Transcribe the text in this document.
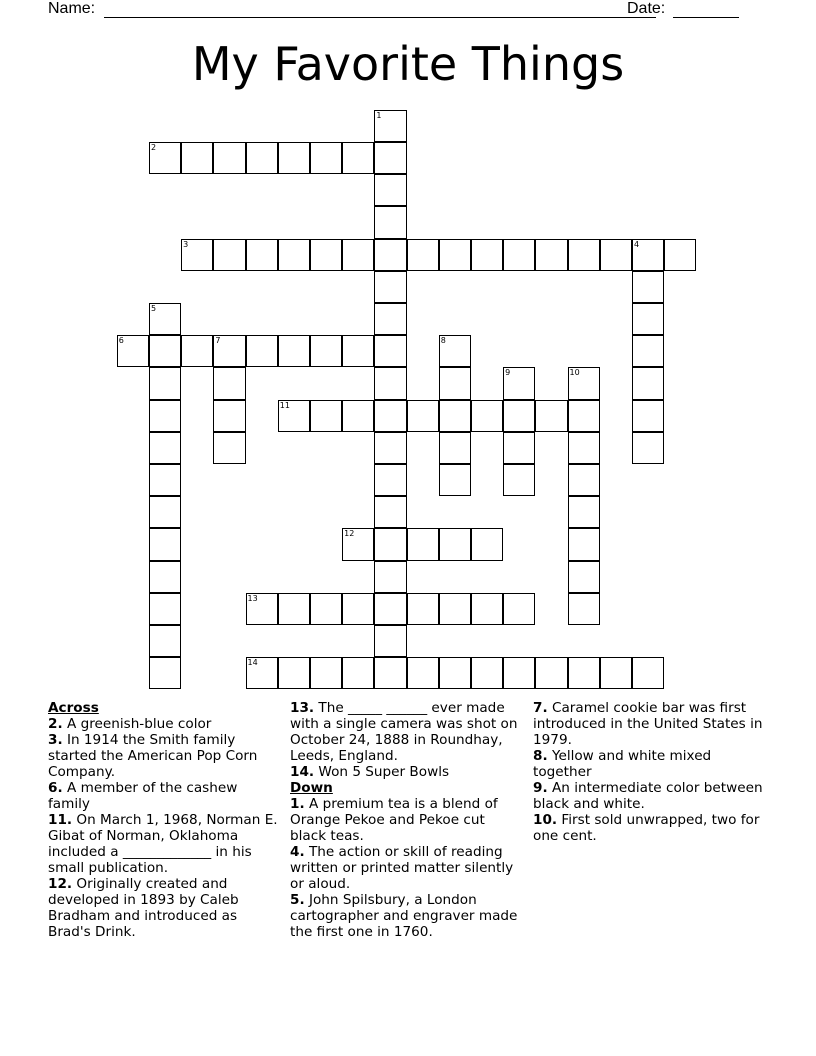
Name:	Date:
My Favorite Things
1
2
3	4
5
6	7	8
9	10
11
12
13
14
Across

2. A greenish-blue color

3. In 1914 the Smith family started the American Pop Corn Company.

6. A member of the cashew family

11. On March 1, 1968, Norman E. Gibat of Norman, Oklahoma included a _____________ in his small publication.

12. Originally created and developed in 1893 by Caleb Bradham and introduced as Brad's Drink.

13. The _____ ______ ever made with a single camera was shot on October 24, 1888 in Roundhay, Leeds, England.

14. Won 5 Super Bowls

Down

1. A premium tea is a blend of Orange Pekoe and Pekoe cut black teas.

4. The action or skill of reading written or printed matter silently or aloud.

5. John Spilsbury, a London cartographer and engraver made the first one in 1760.

7. Caramel cookie bar was first introduced in the United States in 1979.

8. Yellow and white mixed together

9. An intermediate color between black and white.

10. First sold unwrapped, two for one cent.
